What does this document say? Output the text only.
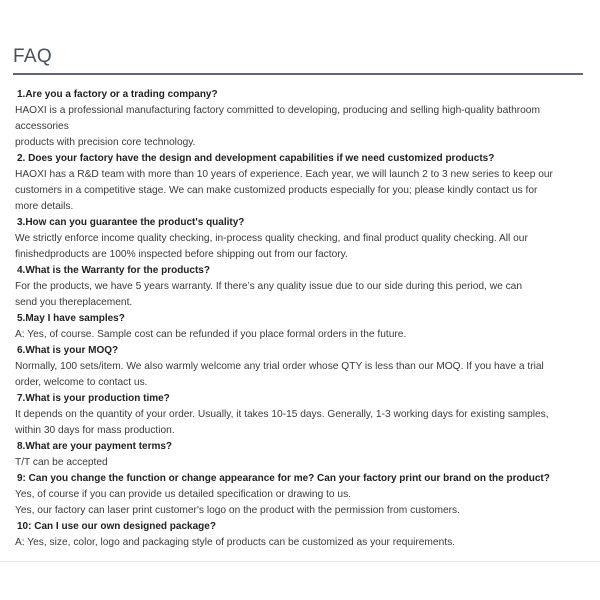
FAQ
1.Are you a factory or a trading company?
HAOXI is a professional manufacturing factory committed to developing, producing and selling high-quality bathroom
accessories
products with precision core technology.
2. Does your factory have the design and development capabilities if we need customized products?
HAOXI has a R&D team with more than 10 years of experience. Each year, we will launch 2 to 3 new series to keep our
customers in a competitive stage. We can make customized products especially for you; please kindly contact us for
more details.
3.How can you guarantee the product's quality?
We strictly enforce income quality checking, in-process quality checking, and final product quality checking. All our
finishedproducts are 100% inspected before shipping out from our factory.
4.What is the Warranty for the products?
For the products, we have 5 years warranty. If there’s any quality issue due to our side during this period, we can
send you thereplacement.
5.May I have samples?
A: Yes, of course. Sample cost can be refunded if you place formal orders in the future.
6.What is your MOQ?
Normally, 100 sets/item. We also warmly welcome any trial order whose QTY is less than our MOQ. If you have a trial
order, welcome to contact us.
7.What is your production time?
It depends on the quantity of your order. Usually, it takes 10-15 days. Generally, 1-3 working days for existing samples,
within 30 days for mass production.
8.What are your payment terms?
T/T can be accepted
9: Can you change the function or change appearance for me? Can your factory print our brand on the product?
Yes, of course if you can provide us detailed specification or drawing to us.
Yes, our factory can laser print customer's logo on the product with the permission from customers.
10: Can I use our own designed package?
A: Yes, size, color, logo and packaging style of products can be customized as your requirements.
